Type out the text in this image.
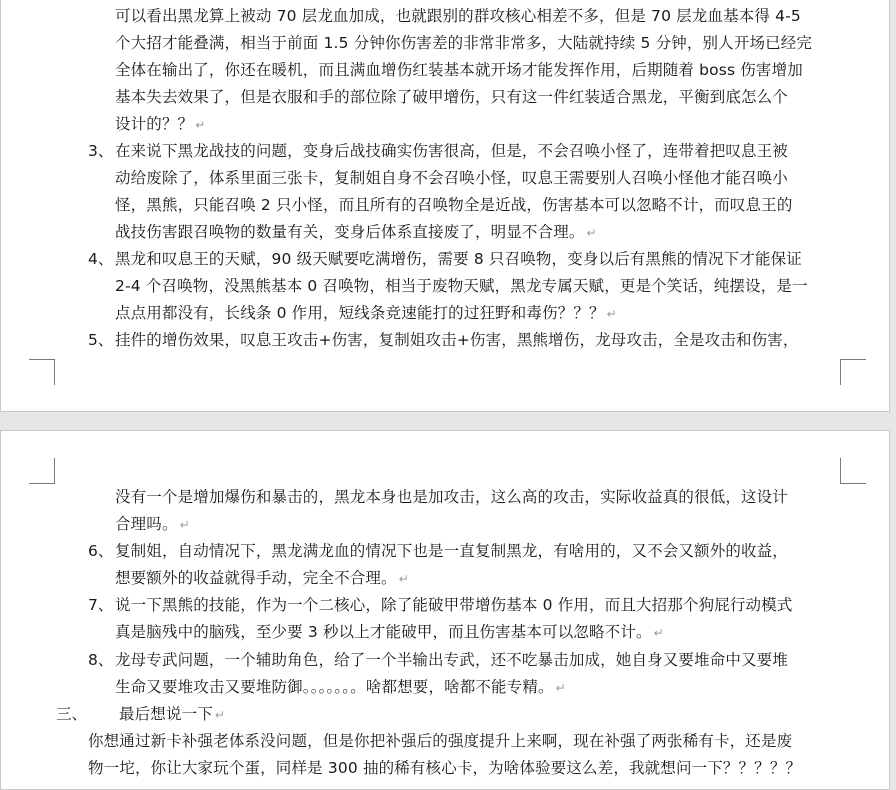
可以看出黑龙算上被动 70 层龙血加成，也就跟别的群攻核心相差不多，但是 70 层龙血基本得 4-5
个大招才能叠满，相当于前面 1.5 分钟你伤害差的非常非常多，大陆就持续 5 分钟，别人开场已经完
全体在输出了，你还在暖机，而且满血增伤红装基本就开场才能发挥作用，后期随着 boss 伤害增加
基本失去效果了，但是衣服和手的部位除了破甲增伤，只有这一件红装适合黑龙，平衡到底怎么个
设计的？？ ↵
3、 在来说下黑龙战技的问题，变身后战技确实伤害很高，但是，不会召唤小怪了，连带着把叹息王被
动给废除了，体系里面三张卡，复制姐自身不会召唤小怪，叹息王需要别人召唤小怪他才能召唤小
怪，黑熊，只能召唤 2 只小怪，而且所有的召唤物全是近战，伤害基本可以忽略不计，而叹息王的
战技伤害跟召唤物的数量有关，变身后体系直接废了，明显不合理。 ↵
4、 黑龙和叹息王的天赋，90 级天赋要吃满增伤，需要 8 只召唤物，变身以后有黑熊的情况下才能保证
2-4 个召唤物，没黑熊基本 0 召唤物，相当于废物天赋，黑龙专属天赋，更是个笑话，纯摆设，是一
点点用都没有，长线条 0 作用，短线条竞速能打的过狂野和毒伤？？？ ↵
5、 挂件的增伤效果，叹息王攻击+伤害，复制姐攻击+伤害，黑熊增伤，龙母攻击，全是攻击和伤害，
没有一个是增加爆伤和暴击的，黑龙本身也是加攻击，这么高的攻击，实际收益真的很低，这设计
合理吗。 ↵
6、 复制姐，自动情况下，黑龙满龙血的情况下也是一直复制黑龙，有啥用的，又不会又额外的收益，
想要额外的收益就得手动，完全不合理。 ↵
7、 说一下黑熊的技能，作为一个二核心，除了能破甲带增伤基本 0 作用，而且大招那个狗屁行动模式
真是脑残中的脑残，至少要 3 秒以上才能破甲，而且伤害基本可以忽略不计。 ↵
8、 龙母专武问题，一个辅助角色，给了一个半输出专武，还不吃暴击加成，她自身又要堆命中又要堆
生命又要堆攻击又要堆防御。。。。。。。啥都想要，啥都不能专精。 ↵
三、 最后想说一下 ↵
你想通过新卡补强老体系没问题，但是你把补强后的强度提升上来啊，现在补强了两张稀有卡，还是废
物一坨，你让大家玩个蛋，同样是 300 抽的稀有核心卡，为啥体验要这么差，我就想问一下？？？？？
